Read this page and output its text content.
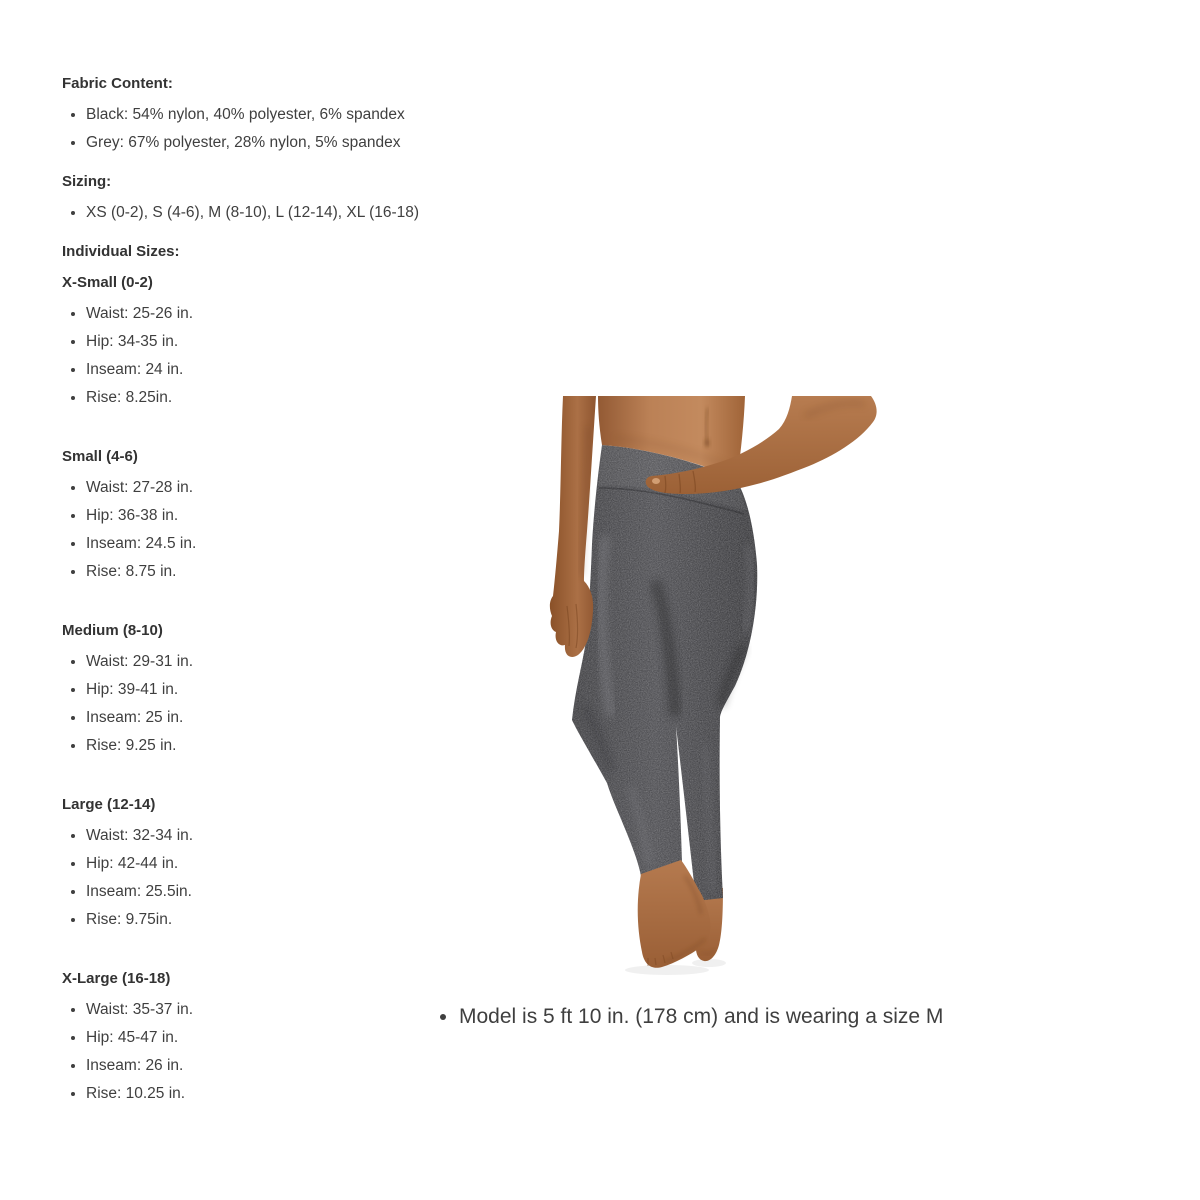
Fabric Content:
• Black: 54% nylon, 40% polyester, 6% spandex
• Grey: 67% polyester, 28% nylon, 5% spandex
Sizing:
• XS (0-2), S (4-6), M (8-10), L (12-14), XL (16-18)
Individual Sizes:
X-Small (0-2)
• Waist: 25-26 in.
• Hip: 34-35 in.
• Inseam: 24 in.
• Rise: 8.25in.
Small (4-6)
• Waist: 27-28 in.
• Hip: 36-38 in.
• Inseam: 24.5 in.
• Rise: 8.75 in.
Medium (8-10)
• Waist: 29-31 in.
• Hip: 39-41 in.
• Inseam: 25 in.
• Rise: 9.25 in.
Large (12-14)
• Waist: 32-34 in.
• Hip: 42-44 in.
• Inseam: 25.5in.
• Rise: 9.75in.
X-Large (16-18)
• Waist: 35-37 in.
• Hip: 45-47 in.
• Inseam: 26 in.
• Rise: 10.25 in.
• Model is 5 ft 10 in. (178 cm) and is wearing a size M
